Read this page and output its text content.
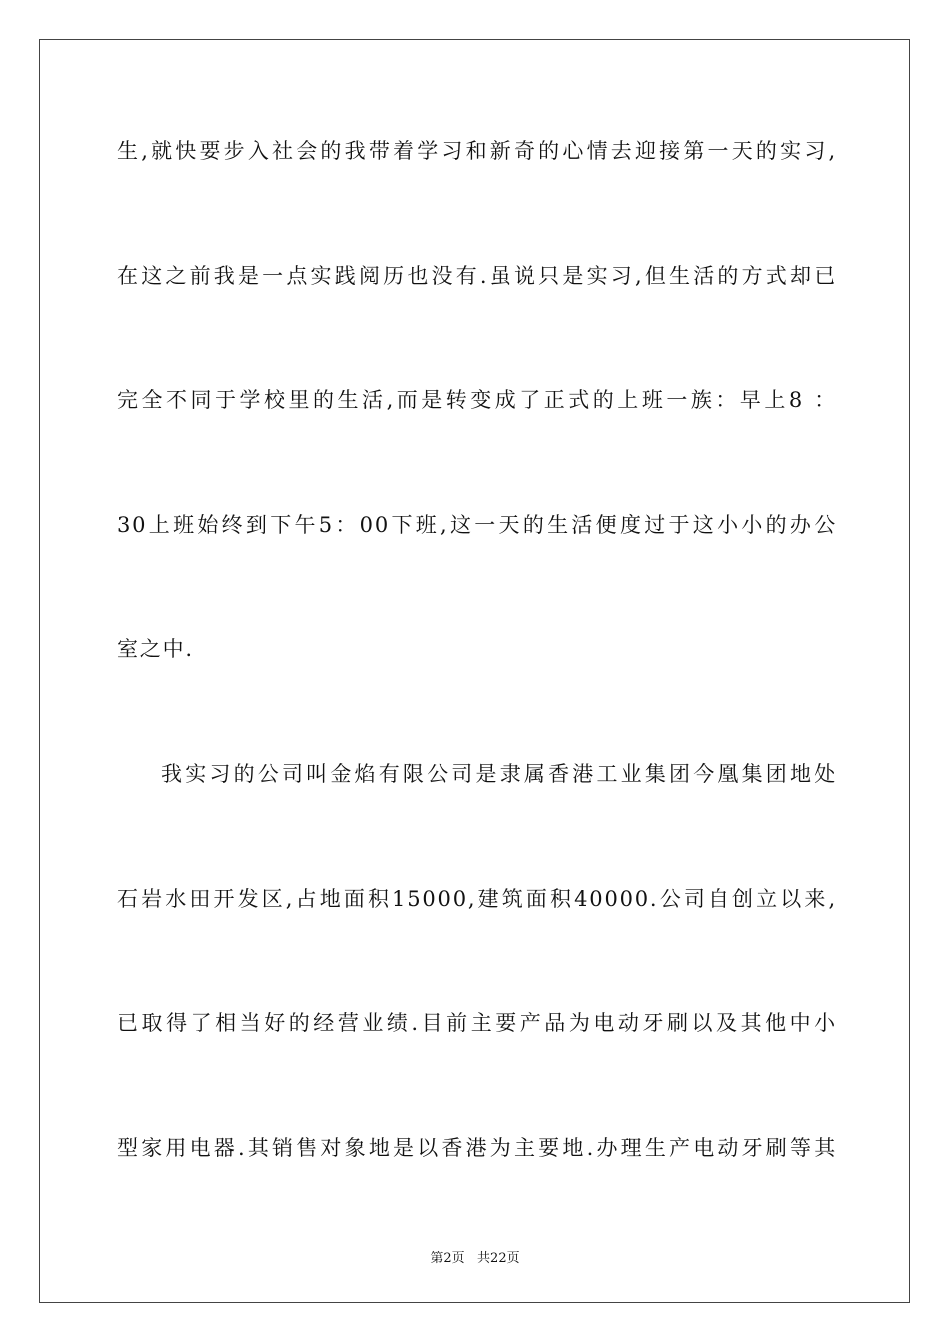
生,就快要步入社会的我带着学习和新奇的心情去迎接第一天的实习,
在这之前我是一点实践阅历也没有.虽说只是实习,但生活的方式却已
完全不同于学校里的生活,而是转变成了正式的上班一族：早上8 ：
30上班始终到下午5：00下班,这一天的生活便度过于这小小的办公
室之中.
我实习的公司叫金焰有限公司是隶属香港工业集团今凰集团地处
石岩水田开发区,占地面积15000,建筑面积40000.公司自创立以来,
已取得了相当好的经营业绩.目前主要产品为电动牙刷以及其他中小
型家用电器.其销售对象地是以香港为主要地.办理生产电动牙刷等其
第2页   共22页
